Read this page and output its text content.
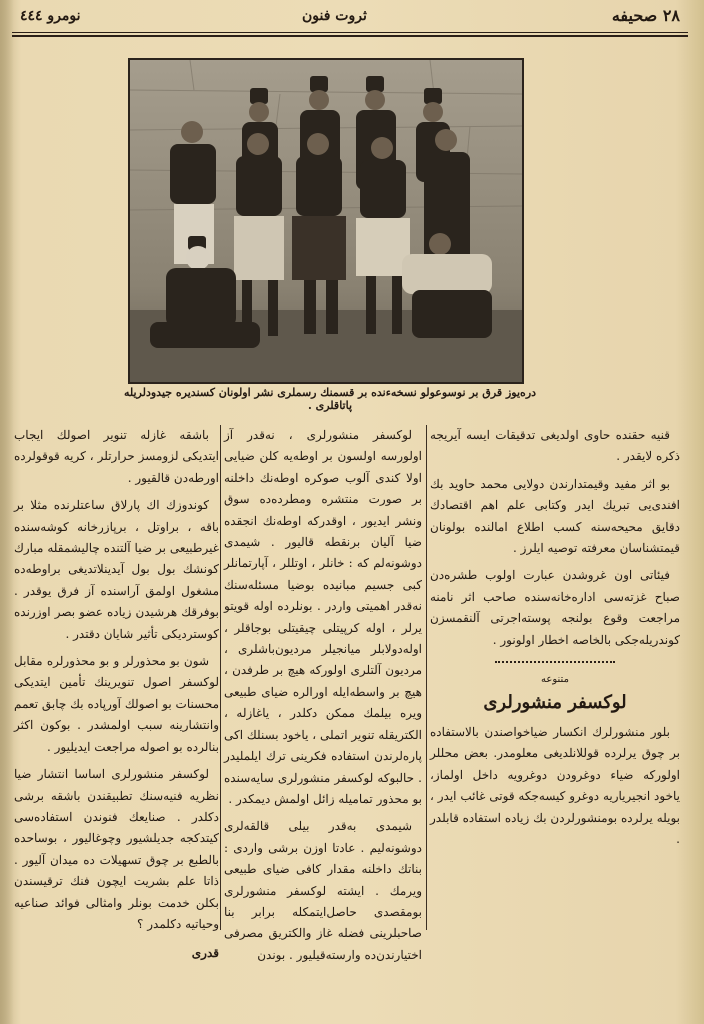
۲۸ صحیفه
ثروت فنون
نومرو ٤٤٤
دره‌یوز قرق بر نوسوعولو نسخه‌ءنده‌ بر قسمنك رسملری نشر اولونان کسندیره جیدودلریله پاتاقلری .

قنیه حقنده حاوی اولدیغی تدقیقات ایسه آیریجه ذکره لایقدر .

بو اثر مفید وقیمتدارندن دولایی محمد حاوید بك افندی‌یی تبریك ایدر وکتابی علم اهم اقتصادك دقایق محیحه‌سنه کسب اطلاع امالنده بولونان قیمتشناسان معرفته توصیه ایلرز .

فیئاتی اون غروشدن عبارت اولوب طشره‌دن صباح غزته‌سی اداره‌خانه‌سنده صاحب اثر نامنه مراجعت وقوع بولنجه پوسته‌اجرتی آلنقمسزن کوندریله‌جکی بالخاصه اخطار اولونور .

متنوعه
لوکسفر منشورلری

بلور منشورلرك انکسار ضیاخواصندن بالاستفاده بر چوق یرلرده قوللانلدیغی معلومدر. بعض محللر اولورکه ضیاء دوغرودن دوغرویه داخل اولماز، یاخود انجیریاریه دوغرو کیسه‌جکه قوتی غائب ایدر ، بویله یرلرده بومنشورلردن بك زیاده استفاده قابلدر .

لوکسفر منشورلری ، نه‌قدر آز اولورسه اولسون بر اوطه‌یه کلن ضیایی اولا کندی آلوب صوکره اوطه‌نك داخلنه بر صورت منتشره ومطرده‌ده سوق ونشر ایدیور ، اوقدرکه اوطه‌نك انجقده ضیا آلیان برنقطه قالیور . شیمدی دوشونه‌لم که : خانلر ، اوتللر ، آپارتمانلر کبی جسیم مبانیده بوضیا مسئله‌سنك نه‌قدر اهمیتی واردر . بونلرده اوله قویتو یرلر ، اوله کرپیتلی چیقیتلی بوجاقلر ، اوله‌دولابلر میانجیلر مردیون‌باشلری ، مردیون آلتلری اولورکه هیچ بر طرفدن ، هیچ بر واسطه‌ایله اورالره ضیای طبیعی ویره بیلمك ممکن دکلدر ، یاغازله ، الکتریقله تنویر اتملی ، یاخود بسنلك اکی پاره‌لرندن استفاده فکرینی ترك ایلملیدر . حالبوکه لوکسفر منشورلری سایه‌سنده بو محذور تمامیله زائل اولمش دیمکدر .

شیمدی به‌قدر بیلی قالقه‌لری دوشونه‌لیم . عادتا اوزن برشی واردی : بناتك داخلنه مقدار کافی ضیای طبیعی ویرمك . ایشته لوکسفر منشورلری بومقصدی حاصل‌ایتمکله برابر بنا صاحبلرینی فضله غاز والکتریق مصرفی اختیارندن‌ده وارسته‌قیلیور . بوندن

باشقه غازله تنویر اصولك ایجاب ایتدیکی لزومسز حرارتلر ، کریه قوقولرده اورطه‌دن قالقیور .

کوندوزك اك پارلاق ساعتلرنده مثلا بر باقه ، براوتل ، برپازرخانه کوشه‌سنده غیرطبیعی بر ضیا آلتنده چالیشمقله مبارك کونشك بول بول آیدینلاتدیغی براوطه‌ده مشغول اولمق آراسنده آز فرق یوقدر . بوفرقك هرشیدن زیاده عضو بصر اوزرنده کوستردیکی تأثیر شایان دقتدر .

شون بو محذورلر و بو محذورلره مقابل لوکسفر اصول تنویرینك تأمین ایتدیکی محسنات بو اصولك آورپاده بك چابق تعمم وانتشارینه سبب اولمشدر . بوکون اکثر بنالرده بو اصوله مراجعت ایدیلیور .

لوکسفر منشورلری اساسا انتشار ضیا نظریه فنیه‌سنك تطبیقندن باشقه برشی دکلدر . صنایعك فنوندن استفاده‌سی کیتدکجه جدیلشیور وچوغالیور ، بوساحده بالطبع بر چوق تسهیلات ده میدان آلیور . ذاتا علم بشریت ایچون فنك ترقیسندن بکلن خدمت بونلر وامثالی فوائد صناعیه وحیاتیه دکلمدر ؟

قدری
